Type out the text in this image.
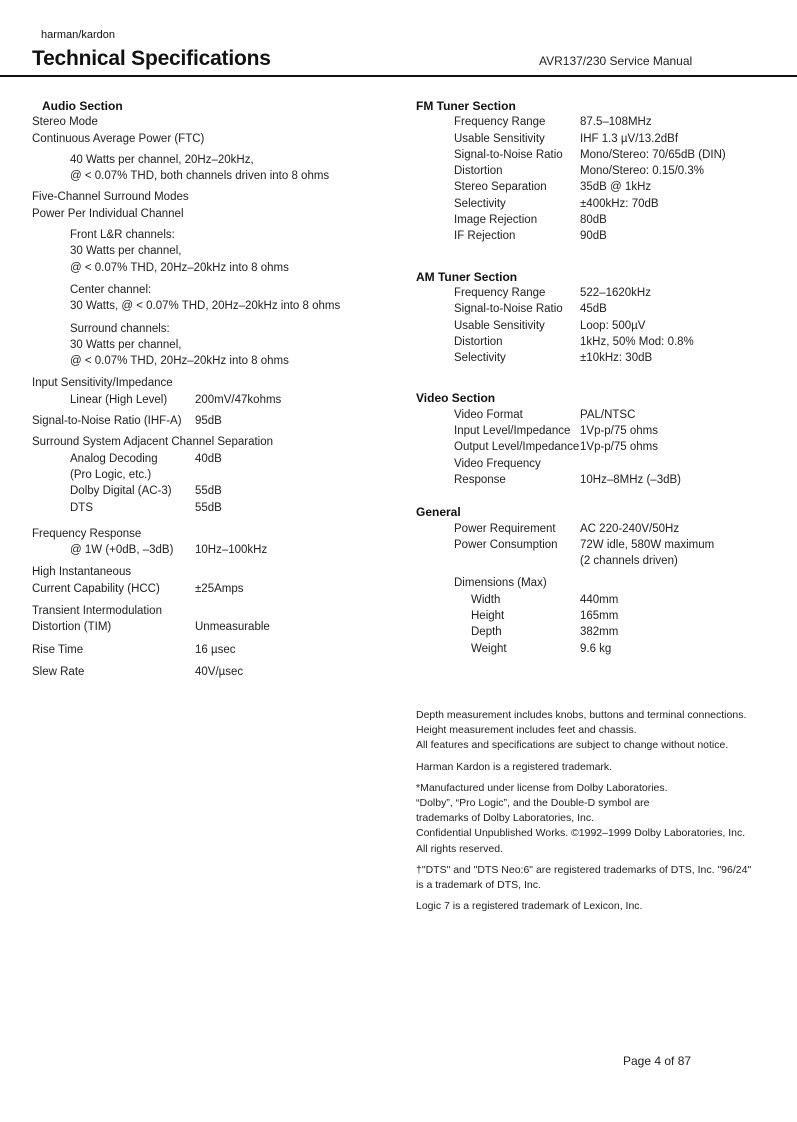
harman/kardon
Technical Specifications	AVR137/230 Service Manual
Audio Section
Stereo Mode
Continuous Average Power (FTC)
40 Watts per channel, 20Hz–20kHz,
@ < 0.07% THD, both channels driven into 8 ohms
Five-Channel Surround Modes
Power Per Individual Channel
Front L&R channels:
30 Watts per channel,
@ < 0.07% THD, 20Hz–20kHz into 8 ohms
Center channel:
30 Watts, @ < 0.07% THD, 20Hz–20kHz into 8 ohms
Surround channels:
30 Watts per channel,
@ < 0.07% THD, 20Hz–20kHz into 8 ohms
Input Sensitivity/Impedance
Linear (High Level) 200mV/47kohms
Signal-to-Noise Ratio (IHF-A) 95dB
Surround System Adjacent Channel Separation
Analog Decoding	40dB
(Pro Logic, etc.)
Dolby Digital (AC-3) 55dB
DTS	55dB
Frequency Response
@ 1W (+0dB, –3dB) 10Hz–100kHz
High Instantaneous
Current Capability (HCC)	±25Amps
Transient Intermodulation
Distortion (TIM)	Unmeasurable
Rise Time	16 µsec
Slew Rate	40V/µsec
FM Tuner Section
Frequency Range	87.5–108MHz
Usable Sensitivity	IHF 1.3 µV/13.2dBf
Signal-to-Noise Ratio Mono/Stereo: 70/65dB (DIN)
Distortion	Mono/Stereo: 0.15/0.3%
Stereo Separation	35dB @ 1kHz
Selectivity	±400kHz: 70dB
Image Rejection	80dB
IF Rejection	90dB
AM Tuner Section
Frequency Range	522–1620kHz
Signal-to-Noise Ratio 45dB
Usable Sensitivity	Loop: 500µV
Distortion	1kHz, 50% Mod: 0.8%
Selectivity	±10kHz: 30dB
Video Section
Video Format	PAL/NTSC
Input Level/Impedance 1Vp-p/75 ohms
Output Level/Impedance 1Vp-p/75 ohms
Video Frequency
Response	10Hz–8MHz (–3dB)
General
Power Requirement AC 220-240V/50Hz
Power Consumption 72W idle, 580W maximum
(2 channels driven)
Dimensions (Max)
Width	440mm
Height	165mm
Depth	382mm
Weight	9.6 kg

Depth measurement includes knobs, buttons and terminal connections.

Height measurement includes feet and chassis.

All features and specifications are subject to change without notice.

Harman Kardon is a registered trademark.

*Manufactured under license from Dolby Laboratories.

“Dolby”, “Pro Logic”, and the Double-D symbol are

trademarks of Dolby Laboratories, Inc.

Confidential Unpublished Works. ©1992–1999 Dolby Laboratories, Inc.

All rights reserved.

†"DTS" and "DTS Neo:6" are registered trademarks of DTS, Inc. "96/24"

is a trademark of DTS, Inc.

Logic 7 is a registered trademark of Lexicon, Inc.

Page 4 of 87
